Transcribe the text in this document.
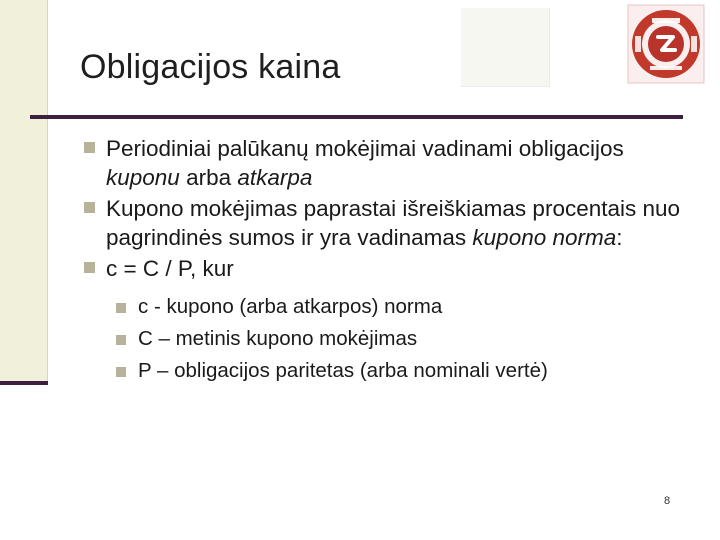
Obligacijos kaina
Periodiniai palūkanų mokėjimai vadinami obligacijos kuponu arba atkarpa
Kupono mokėjimas paprastai išreiškiamas procentais nuo pagrindinės sumos ir yra vadinamas kupono norma:
c = C / P, kur
c - kupono (arba atkarpos) norma
C – metinis kupono mokėjimas
P – obligacijos paritetas (arba nominali vertė)
8
